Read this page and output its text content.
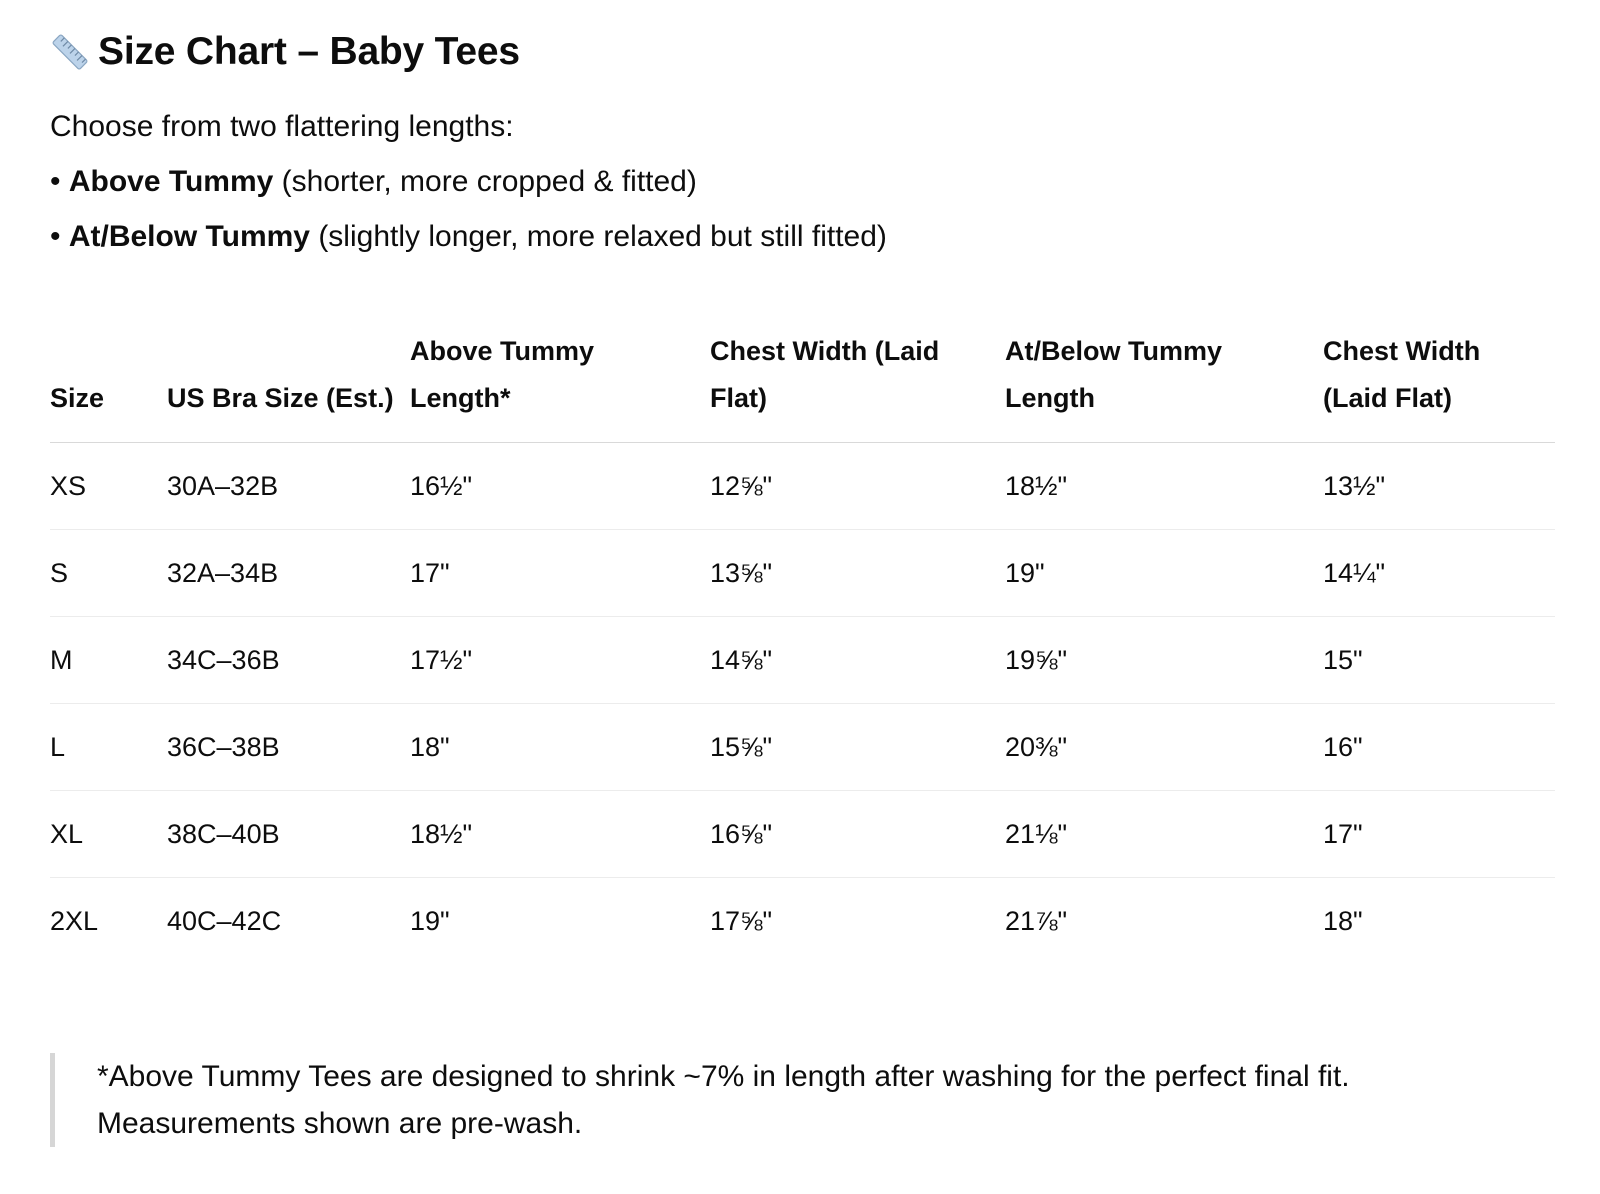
Size Chart – Baby Tees
Choose from two flattering lengths:
• Above Tummy (shorter, more cropped & fitted)
• At/Below Tummy (slightly longer, more relaxed but still fitted)
Size	US Bra Size (Est.)	Above Tummy Length*	Chest Width (Laid Flat)	At/Below Tummy Length	Chest Width (Laid Flat)
XS	30A–32B	16½"	12⅝"	18½"	13½"
S	32A–34B	17"	13⅝"	19"	14¼"
M	34C–36B	17½"	14⅝"	19⅝"	15"
L	36C–38B	18"	15⅝"	20⅜"	16"
XL	38C–40B	18½"	16⅝"	21⅛"	17"
2XL	40C–42C	19"	17⅝"	21⅞"	18"
*Above Tummy Tees are designed to shrink ~7% in length after washing for the perfect final fit. Measurements shown are pre-wash.
